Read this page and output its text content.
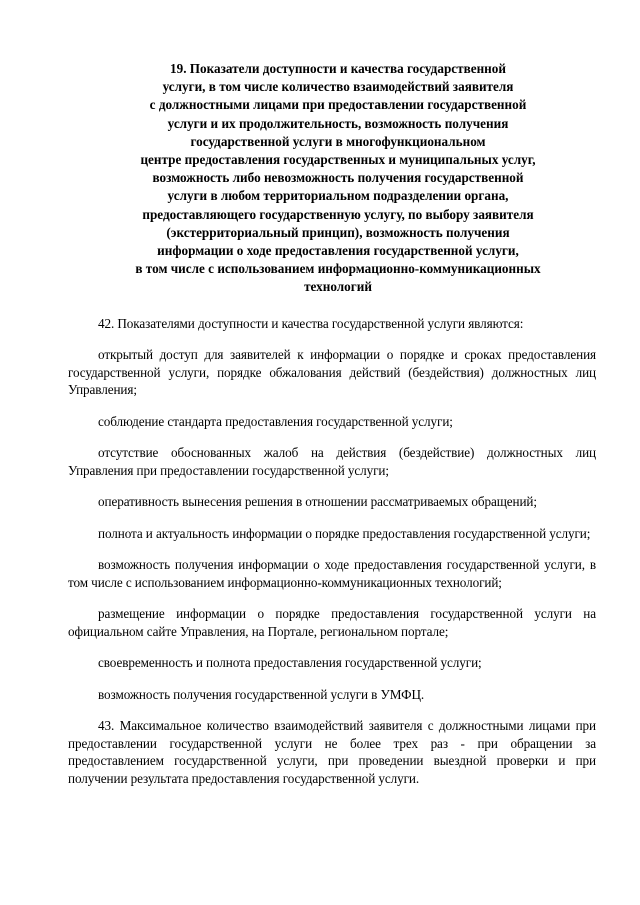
19. Показатели доступности и качества государственной
услуги, в том числе количество взаимодействий заявителя
с должностными лицами при предоставлении государственной
услуги и их продолжительность, возможность получения
государственной услуги в многофункциональном
центре предоставления государственных и муниципальных услуг,
возможность либо невозможность получения государственной
услуги в любом территориальном подразделении органа,
предоставляющего государственную услугу, по выбору заявителя
(экстерриториальный принцип), возможность получения
информации о ходе предоставления государственной услуги,
в том числе с использованием информационно-коммуникационных
технологий

42. Показателями доступности и качества государственной услуги являются:

открытый доступ для заявителей к информации о порядке и сроках предоставления государственной услуги, порядке обжалования действий (бездействия) должностных лиц Управления;

соблюдение стандарта предоставления государственной услуги;

отсутствие обоснованных жалоб на действия (бездействие) должностных лиц Управления при предоставлении государственной услуги;

оперативность вынесения решения в отношении рассматриваемых обращений;

полнота и актуальность информации о порядке предоставления государственной услуги;

возможность получения информации о ходе предоставления государственной услуги, в том числе с использованием информационно-коммуникационных технологий;

размещение информации о порядке предоставления государственной услуги на официальном сайте Управления, на Портале, региональном портале;

своевременность и полнота предоставления государственной услуги;

возможность получения государственной услуги в УМФЦ.

43. Максимальное количество взаимодействий заявителя с должностными лицами при предоставлении государственной услуги не более трех раз - при обращении за предоставлением государственной услуги, при проведении выездной проверки и при получении результата предоставления государственной услуги.
